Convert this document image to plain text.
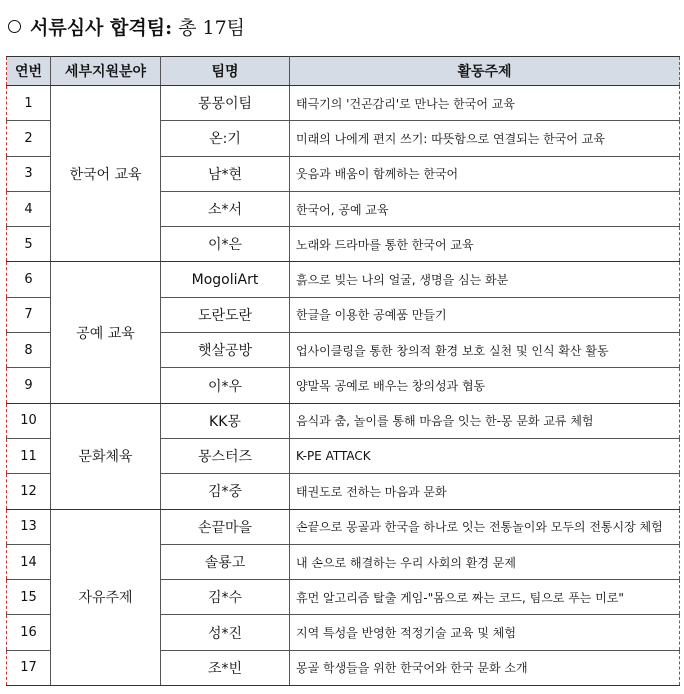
서류심사 합격팀: 총 17팀
연번	세부지원분야	팀명	활동주제
1	한국어 교육	몽몽이팀	태극기의 '건곤감리'로 만나는 한국어 교육
2		온:기	미래의 나에게 편지 쓰기: 따뜻함으로 연결되는 한국어 교육
3		남*현	웃음과 배움이 함께하는 한국어
4		소*서	한국어, 공예 교육
5		이*은	노래와 드라마를 통한 한국어 교육
6	공예 교육	MogoliArt	흙으로 빚는 나의 얼굴, 생명을 심는 화분
7		도란도란	한글을 이용한 공예품 만들기
8		햇살공방	업사이클링을 통한 창의적 환경 보호 실천 및 인식 확산 활동
9		이*우	양말목 공예로 배우는 창의성과 협동
10	문화체육	KK몽	음식과 춤, 놀이를 통해 마음을 잇는 한-몽 문화 교류 체험
11		몽스터즈	K-PE ATTACK
12		김*중	태권도로 전하는 마음과 문화
13	자유주제	손끝마을	손끝으로 몽골과 한국을 하나로 잇는 전통놀이와 모두의 전통시장 체험
14		솔룡고	내 손으로 해결하는 우리 사회의 환경 문제
15		김*수	휴먼 알고리즘 탈출 게임-"몸으로 짜는 코드, 팀으로 푸는 미로"
16		성*진	지역 특성을 반영한 적정기술 교육 및 체험
17		조*빈	몽골 학생들을 위한 한국어와 한국 문화 소개
